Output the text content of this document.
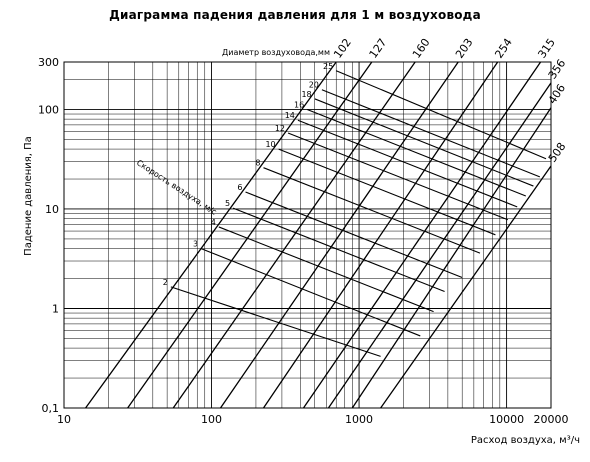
Диаграмма падения давления для 1 м воздуховода
10	100	1000	10000 20000
0,1
1
10
100
300
102 127 160 203 254 315
356
406
508
2
3
4
5
6
8
10
12
14
16
18
20
25
Диаметр воздуховода,мм
Скорость воздуха, м/с
Расход воздуха, м³/ч
Падение давления, Па
